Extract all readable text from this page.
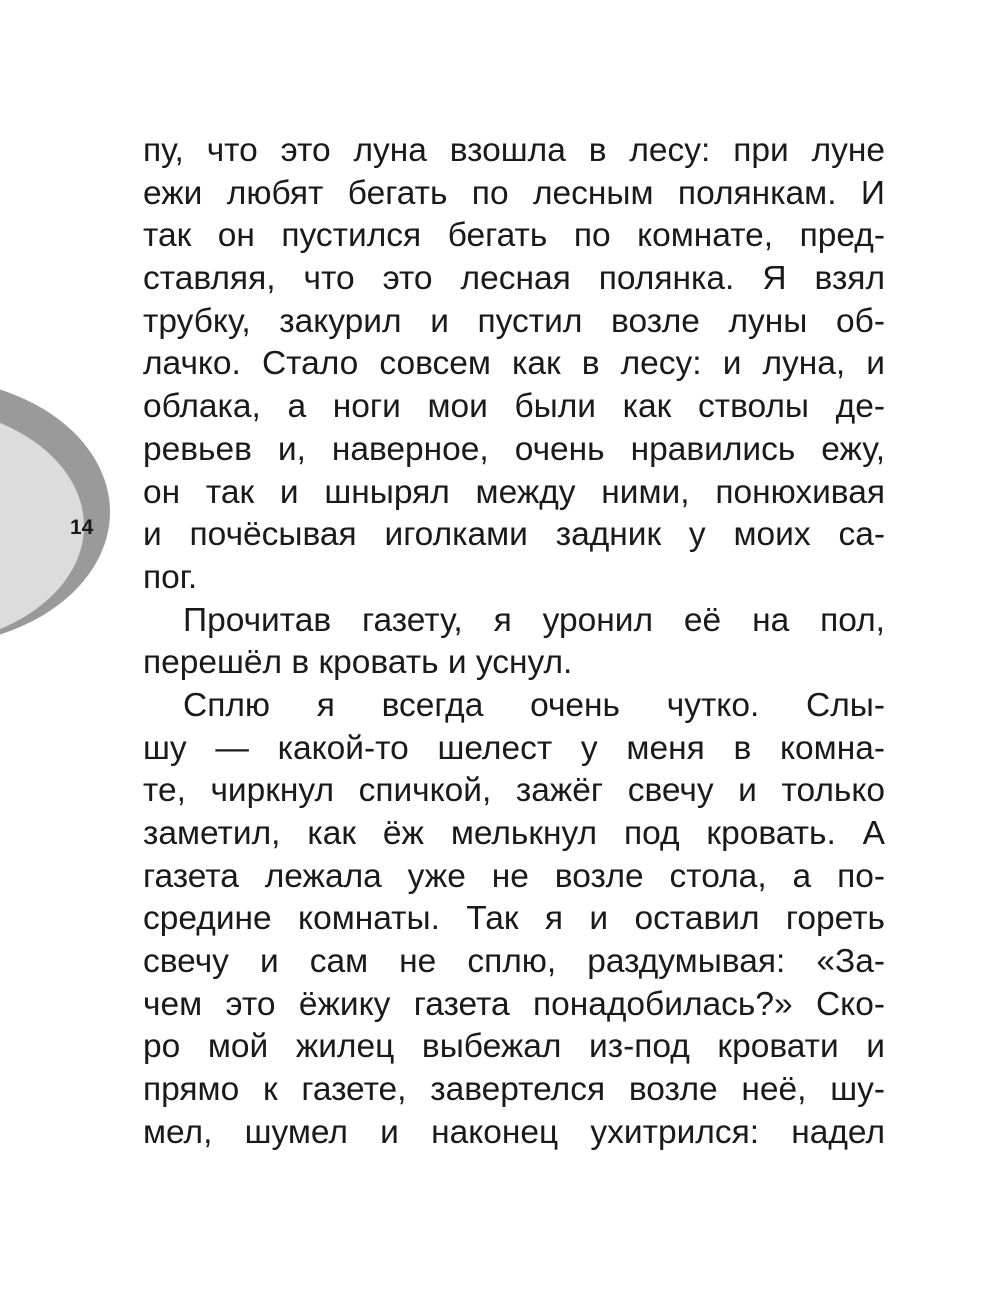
14
пу, что это луна взошла в лесу: при луне
ежи любят бегать по лесным полянкам. И
так он пустился бегать по комнате, пред-
ставляя, что это лесная полянка. Я взял
трубку, закурил и пустил возле луны об-
лачко. Стало совсем как в лесу: и луна, и
облака, а ноги мои были как стволы де-
ревьев и, наверное, очень нравились ежу,
он так и шнырял между ними, понюхивая
и почёсывая иголками задник у моих са-
пог.
Прочитав газету, я уронил её на пол,
перешёл в кровать и уснул.
Сплю я всегда очень чутко. Слы-
шу — какой-то шелест у меня в комна-
те, чиркнул спичкой, зажёг свечу и только
заметил, как ёж мелькнул под кровать. А
газета лежала уже не возле стола, а по-
средине комнаты. Так я и оставил гореть
свечу и сам не сплю, раздумывая: «За-
чем это ёжику газета понадобилась?» Ско-
ро мой жилец выбежал из-под кровати и
прямо к газете, завертелся возле неё, шу-
мел, шумел и наконец ухитрился: надел
